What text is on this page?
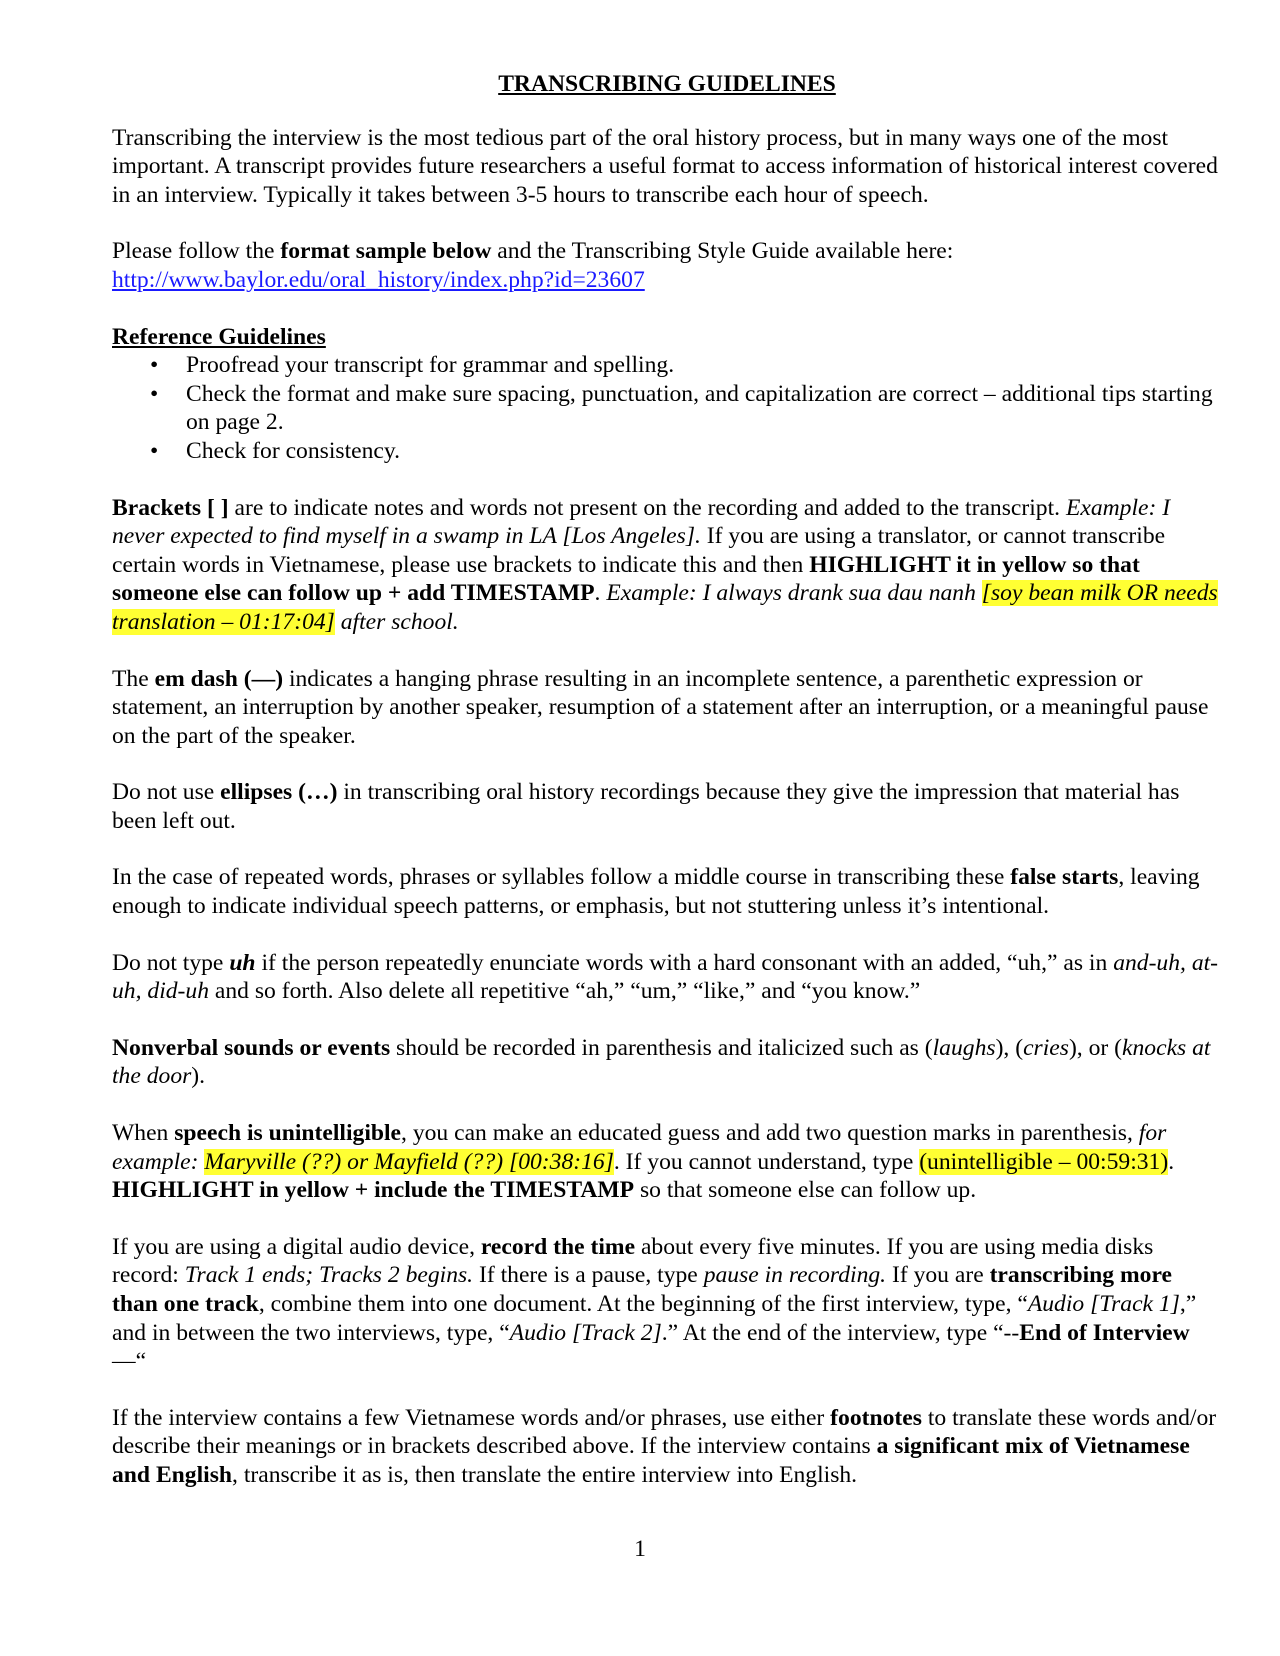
TRANSCRIBING GUIDELINES

Transcribing the interview is the most tedious part of the oral history process, but in many ways one of the most important. A transcript provides future researchers a useful format to access information of historical interest covered in an interview. Typically it takes between 3-5 hours to transcribe each hour of speech.

Please follow the format sample below and the Transcribing Style Guide available here:
http://www.baylor.edu/oral_history/index.php?id=23607

Reference Guidelines
• Proofread your transcript for grammar and spelling.
• Check the format and make sure spacing, punctuation, and capitalization are correct – additional tips starting on page 2.
• Check for consistency.

Brackets [ ] are to indicate notes and words not present on the recording and added to the transcript. Example: I never expected to find myself in a swamp in LA [Los Angeles]. If you are using a translator, or cannot transcribe certain words in Vietnamese, please use brackets to indicate this and then HIGHLIGHT it in yellow so that someone else can follow up + add TIMESTAMP. Example: I always drank sua dau nanh [soy bean milk OR needs translation – 01:17:04] after school.

The em dash (—) indicates a hanging phrase resulting in an incomplete sentence, a parenthetic expression or statement, an interruption by another speaker, resumption of a statement after an interruption, or a meaningful pause on the part of the speaker.

Do not use ellipses (…) in transcribing oral history recordings because they give the impression that material has been left out.

In the case of repeated words, phrases or syllables follow a middle course in transcribing these false starts, leaving enough to indicate individual speech patterns, or emphasis, but not stuttering unless it’s intentional.

Do not type uh if the person repeatedly enunciate words with a hard consonant with an added, “uh,” as in and-uh, at-uh, did-uh and so forth. Also delete all repetitive “ah,” “um,” “like,” and “you know.”

Nonverbal sounds or events should be recorded in parenthesis and italicized such as (laughs), (cries), or (knocks at the door).

When speech is unintelligible, you can make an educated guess and add two question marks in parenthesis, for example: Maryville (??) or Mayfield (??) [00:38:16]. If you cannot understand, type (unintelligible – 00:59:31). HIGHLIGHT in yellow + include the TIMESTAMP so that someone else can follow up.

If you are using a digital audio device, record the time about every five minutes. If you are using media disks record: Track 1 ends; Tracks 2 begins. If there is a pause, type pause in recording. If you are transcribing more than one track, combine them into one document. At the beginning of the first interview, type, “Audio [Track 1],” and in between the two interviews, type, “Audio [Track 2].” At the end of the interview, type “--End of Interview—“

If the interview contains a few Vietnamese words and/or phrases, use either footnotes to translate these words and/or describe their meanings or in brackets described above. If the interview contains a significant mix of Vietnamese and English, transcribe it as is, then translate the entire interview into English.

1
